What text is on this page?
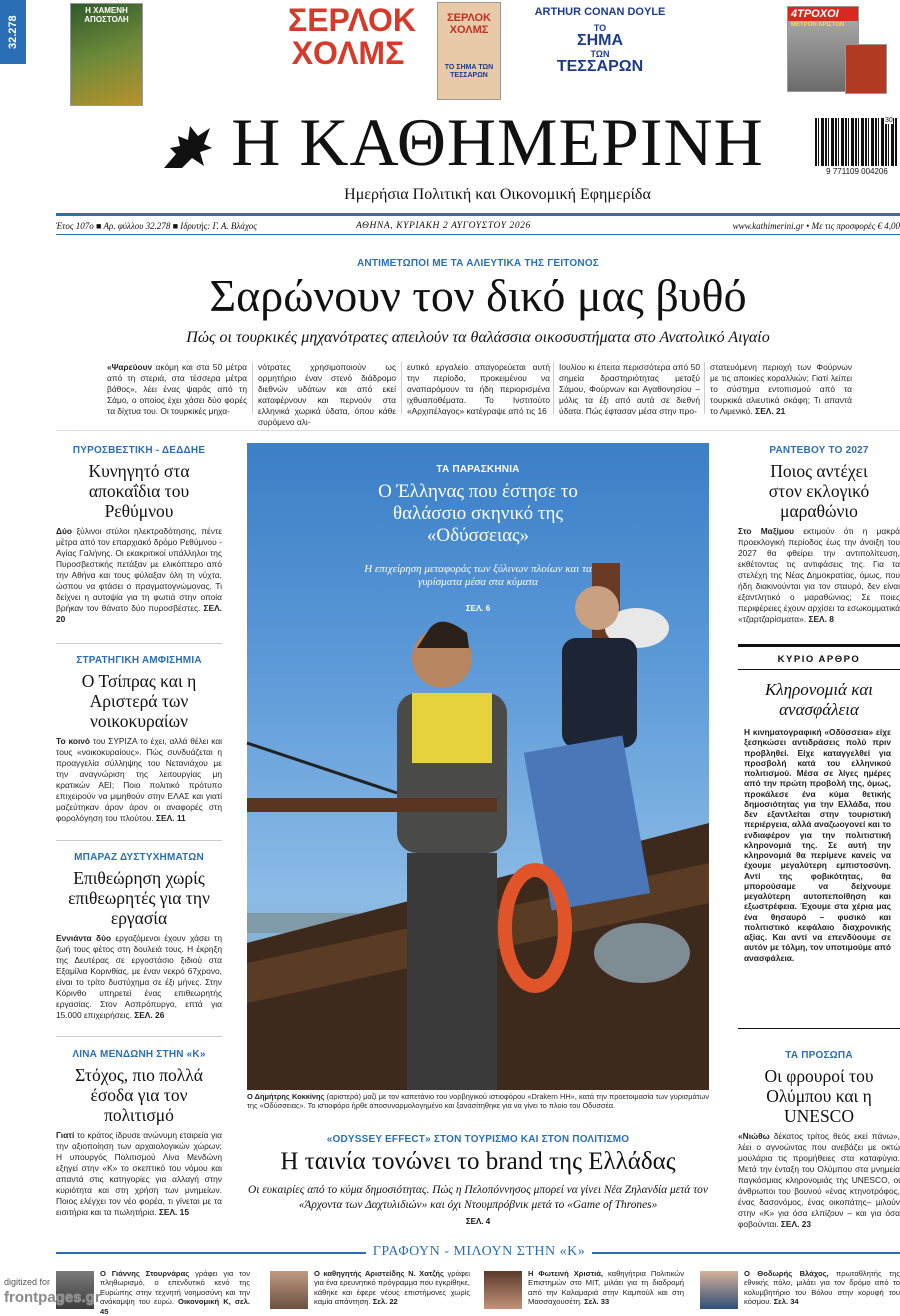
32.278
Η ΧΑΜΕΝΗ ΑΠΟΣΤΟΛΗ	ΣΕΡΛΟΚ
ΧΟΛΜΣ
ΣΕΡΛΟΚ
ΧΟΛΜΣ
ΤΟ ΣΗΜΑ ΤΩΝ ΤΕΣΣΑΡΩΝ
ARTHUR CONAN DOYLE
ΤΟ
ΣΗΜΑ
ΤΩΝ
ΤΕΣΣΑΡΩΝ
4ΤΡΟΧΟΙ
ΜΕΤΡΟΝ ΑΡΙΣΤΟΝ
Η ΚΑΘΗΜΕΡΙΝΗ
Ημερήσια Πολιτική και Οικονομική Εφημερίδα
30
9 771109 004206
Έτος 107ο ■ Αρ. φύλλου 32.278 ■ Ιδρυτής: Γ. Α. Βλάχος	ΑΘΗΝΑ, ΚΥΡΙΑΚΗ 2 ΑΥΓΟΥΣΤΟΥ 2026	www.kathimerini.gr • Με τις προσφορές € 4,00
ΑΝΤΙΜΕΤΩΠΟΙ ΜΕ ΤΑ ΑΛΙΕΥΤΙΚΑ ΤΗΣ ΓΕΙΤΟΝΟΣ
Σαρώνουν τον δικό μας βυθό
Πώς οι τουρκικές μηχανότρατες απειλούν τα θαλάσσια οικοσυστήματα στο Ανατολικό Αιγαίο
«Ψαρεύουν ακόμη και στα 50 μέτρα από τη στεριά, στα τέσσερα μέτρα βάθος», λέει ένας ψαράς από τη Σάμο, ο οποίος έχει χάσει δύο φορές τα δίχτυα του. Οι τουρκικές μηχα-
νότρατες χρησιμοποιούν ως ορμητήριο έναν στενό διάδρομο διεθνών υδάτων και από εκεί καταφέρνουν και περνούν στα ελληνικά χωρικά ύδατα, όπου κάθε συρόμενο αλι-
ευτικό εργαλείο απαγορεύεται αυτή την περίοδο, προκειμένου να αναπαρόμουν τα ήδη περιορισμένα ιχθυαποθέματα. Το Ινστιτούτο «Αρχιπέλαγος» κατέγραψε από τις 16
Ιουλίου κι έπειτα περισσότερα από 50 σημεία δραστηριότητας μεταξύ Σάμου, Φούρνων και Αγαθονησίου – μόλις τα έξι από αυτά σε διεθνή ύδατα. Πώς έφτασαν μέσα στην προ-
στατευόμενη περιοχή των Φούρνων με τις αποικίες κοραλλιών; Γιατί λείπει το σύστημα εντοπισμού από τα τουρκικά αλιευτικά σκάφη; Τι απαντά το Λιμενικό. ΣΕΛ. 21
ΠΥΡΟΣΒΕΣΤΙΚΗ - ΔΕΔΔΗΕ
Κυνηγητό στα αποκαΐδια του Ρεθύμνου
Δύο ξύλινοι στύλοι ηλεκτροδότησης, πέντε μέτρα από τον επαρχιακό δρόμο Ρεθύμνου - Αγίας Γαλήνης. Οι εκακριτικοί υπάλληλοι της Πυροσβεστικής πετάξαν με ελικόπτερο από την Αθήνα και τους φύλαξαν όλη τη νύχτα, ώσπου να φτάσει ο πραγματογνώμονας. Τι δείχνει η αυτοψία για τη φωτιά στην οποία βρήκαν τον θάνατο δύο πυροσβέστες. ΣΕΛ. 20
ΣΤΡΑΤΗΓΙΚΗ ΑΜΦΙΣΗΜΙΑ
Ο Τσίπρας και η Αριστερά των νοικοκυραίων
Το κοινό του ΣΥΡΙΖΑ το έχει, αλλά θέλει και τους «νοικοκυραίους». Πώς συνδυάζεται η προαγγελία σύλληψης του Νετανιάχου με την αναγνώριση της λειτουργίας μη κρατικών ΑΕΙ; Ποιο πολιτικό πρότυπο επιχειρούν να μιμηθούν στην ΕΛΑΣ και γιατί μαζεύτηκαν άρον άρον οι αναφορές στη φορολόγηση του πλούτου. ΣΕΛ. 11
ΜΠΑΡΑΖ ΔΥΣΤΥΧΗΜΑΤΩΝ
Επιθεώρηση χωρίς επιθεωρητές για την εργασία
Εννιάντα δύο εργαζόμενοι έχουν χάσει τη ζωή τους φέτος στη δουλειά τους. Η έκρηξη της Δευτέρας σε εργοστάσιο ξιδιού στα Εξαμίλια Κορινθίας, με έναν νεκρό 67χρονο, είναι το τρίτο δυστύχημα σε έξι μήνες. Στην Κόρινθο υπηρετεί ένας επιθεωρητής εργασίας. Στον Ασπρόπυργο, επτά για 15.000 επιχειρήσεις. ΣΕΛ. 26
ΛΙΝΑ ΜΕΝΔΩΝΗ ΣΤΗΝ «Κ»
Στόχος, πιο πολλά έσοδα για τον πολιτισμό
Γιατί το κράτος ίδρυσε ανώνυμη εταιρεία για την αξιοποίηση των αρχαιολογικών χώρων; Η υπουργός Πολιτισμού Λίνα Μενδώνη εξηγεί στην «Κ» το σκεπτικό του νόμου και απαντά στις κατηγορίες για αλλαγή στην κυριότητα και στη χρήση των μνημείων. Ποιος ελέγχει τον νέο φορέα, τι γίνεται με τα εισιτήρια και τα πωλητήρια. ΣΕΛ. 15
ΤΑ ΠΑΡΑΣΚΗΝΙΑ
Ο Έλληνας που έστησε το θαλάσσιο σκηνικό της «Οδύσσειας»
Η επιχείρηση μεταφοράς των ξύλινων πλοίων και τα γυρίσματα μέσα στα κύματα
ΣΕΛ. 6
Ο Δημήτρης Κοκκίνης (αριστερά) μαζί με τον καπετάνιο του νορβηγικού ιστιοφόρου «Drakern HH», κατά την προετοιμασία των γυρισμάτων της «Οδύσσειας». Το ιστιοφόρο ήρθε αποσυναρμολογημένο και ξανασίτηθηκε για να γίνει το πλοίο του Οδυσσέα.
«ODYSSEY EFFECT» ΣΤΟΝ ΤΟΥΡΙΣΜΟ ΚΑΙ ΣΤΟΝ ΠΟΛΙΤΙΣΜΟ
Η ταινία τονώνει το brand της Ελλάδας
Οι ευκαιρίες από το κύμα δημοσιότητας. Πώς η Πελοπόννησος μπορεί να γίνει Νέα Ζηλανδία μετά τον «Άρχοντα των Δαχτυλιδιών» και όχι Ντουμπρόβνικ μετά το «Game of Thrones»
ΣΕΛ. 4
ΡΑΝΤΕΒΟΥ ΤΟ 2027
Ποιος αντέχει στον εκλογικό μαραθώνιο
Στο Μαξίμου εκτιμούν ότι η μακρά προεκλογική περίοδος έως την άνοιξη του 2027 θα φθείρει την αντιπολίτευση, εκθέτοντας τις αντιφάσεις της. Για τα στελέχη της Νέας Δημοκρατίας, όμως, που ήδη διακινούνται για τον σταυρό, δεν είναι εξαντλητικό ο μαραθώνιος; Σε ποιες περιφέρειες έχουν αρχίσει τα εσωκομματικά «τζαρτζαρίσματα». ΣΕΛ. 8
ΚΥΡΙΟ ΑΡΘΡΟ
Κληρονομιά και ανασφάλεια
Η κινηματογραφική «Οδύσσεια» είχε ξεσηκώσει αντιδράσεις πολύ πριν προβληθεί. Είχε καταγγελθεί για προσβολή κατά του ελληνικού πολιτισμού. Μέσα σε λίγες ημέρες από την πρώτη προβολή της, όμως, προκάλεσε ένα κύμα θετικής δημοσιότητας για την Ελλάδα, που δεν εξαντλείται στην τουριστική περιέργεια, αλλά αναζωογονεί και το ενδιαφέρον για την πολιτιστική κληρονομιά της. Σε αυτή την κληρονομιά θα περίμενε κανείς να έχουμε μεγαλύτερη εμπιστοσύνη. Αντί της φοβικότητας, θα μπορούσαμε να δείχνουμε μεγαλύτερη αυτοπεποίθηση και εξωστρέφεια. Έχουμε στα χέρια μας ένα θησαυρό – φυσικό και πολιτιστικό κεφάλαιο διαχρονικής αξίας. Και αντί να επενδύουμε σε αυτόν με τόλμη, τον υποτιμούμε από ανασφάλεια.
ΤΑ ΠΡΟΣΩΠΑ
Οι φρουροί του Ολύμπου και η UNESCO
«Νιώθω δέκατος τρίτος θεός εκεί πάνω», λέει ο αγνοώντας που ανεβάζει με οκτώ μουλάρια τις προμήθειες στα καταφύγια. Μετά την ένταξη του Ολύμπου στα μνημεία παγκόσμιας κληρονομιάς της UNESCO, οι άνθρωποι του βουνού «ένας κτηνοτρόφος, ένας δασονόμος, ένας οικοπάτης– μιλούν στην «Κ» για όσα ελπίζουν – και για όσα φοβούνται. ΣΕΛ. 23
ΓΡΑΦΟΥΝ - ΜΙΛΟΥΝ ΣΤΗΝ «Κ»
Ο Γιάννης Στουρνάρας γράφει για τον πληθωρισμό, ο επενδυτικό κενό της Ευρώπης στην τεχνητή νοημοσύνη και την ανάκαμψη του ευρώ. Οικονομική Κ, σελ. 45
Ο καθηγητής Αριστείδης Ν. Χατζής γράφει για ένα ερευνητικό πρόγραμμα που εγκρίθηκε, κάθηκε και έφερε νέους επιστήμονες χωρίς καμία απάντηση. Σελ. 22
Η Φωτεινή Χριστιά, καθηγήτρια Πολιτικών Επιστημών στο ΜΙΤ, μιλάει για τη διαδρομή από την Καλαμαριά στην Καμπούλ και στη Μασσαχουσέτη. Σελ. 33
Ο Θοδωρής Βλάχος, πρωταθλητής της εθνικής πόλο, μιλάει για τον δρόμο από το κολυμβητήριο του Βόλου στην κορυφή του κόσμου. Σελ. 34
digitized for
frontpages.gr
